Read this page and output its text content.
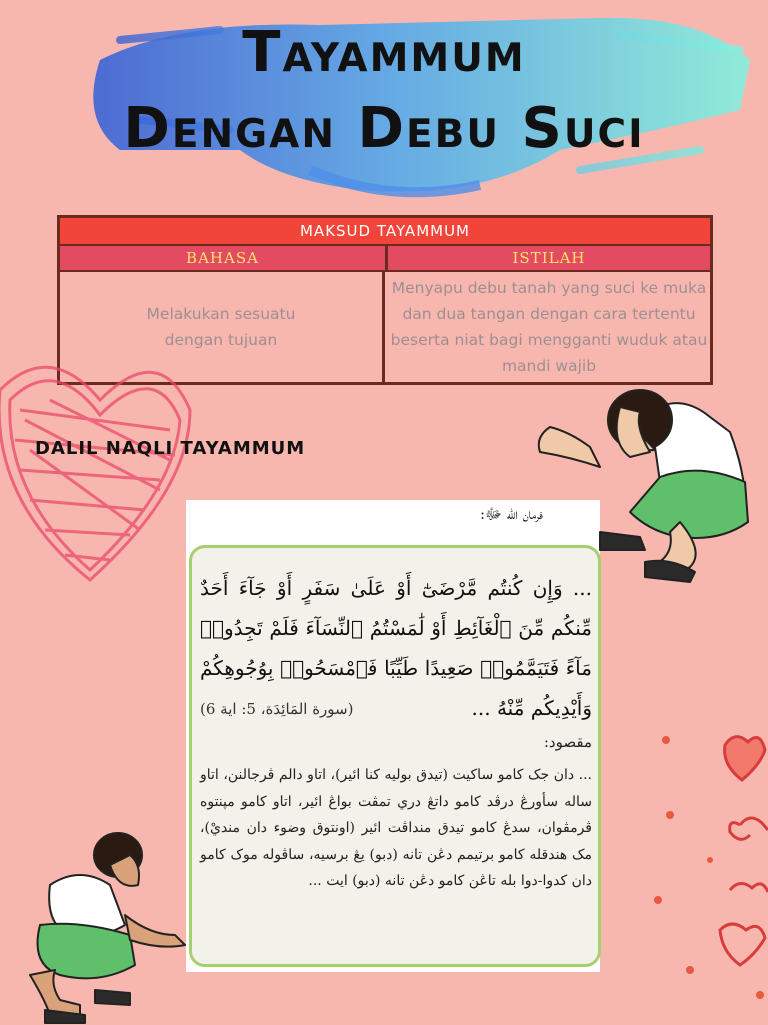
Tayammum
Dengan Debu Suci
MAKSUD TAYAMMUM
BAHASA	ISTILAH
Melakukan sesuatu dengan tujuan
Menyapu debu tanah yang suci ke muka dan dua tangan dengan cara tertentu beserta niat bagi mengganti wuduk atau mandi wajib
DALIL NAQLI TAYAMMUM
فرمان الله ﷻ:
... وَإِن كُنتُم مَّرْضَىٰٓ أَوْ عَلَىٰ سَفَرٍ أَوْ جَآءَ أَحَدٌ مِّنكُم مِّنَ ٱلْغَآئِطِ أَوْ لَٰمَسْتُمُ ٱلنِّسَآءَ فَلَمْ تَجِدُوا۟ مَآءً فَتَيَمَّمُوا۟ صَعِيدًا طَيِّبًا فَٱمْسَحُوا۟ بِوُجُوهِكُمْ وَأَيْدِيكُم مِّنْهُ ...
(سورة المَائِدَة، 5: اية 6)
مقصود:
... دان جک کامو ساکيت (تيدق بوليه کنا ائير)، اتاو دالم ڤرجالنن، اتاو ساله سأورڠ درڤد کامو داتڠ دري تمڤت بواڠ ائير، اتاو کامو مپنتوه ڤرمڤوان، سدڠ کامو تيدق منداڤت ائير (اونتوق وضوء دان منديْ)، مک هندقله کامو برتيمم دڠن تانه (دبو) يڠ برسيه، ساڤوله موک کامو دان کدوا-دوا بله تاڠن کامو دڠن تانه (دبو) ايت ...
